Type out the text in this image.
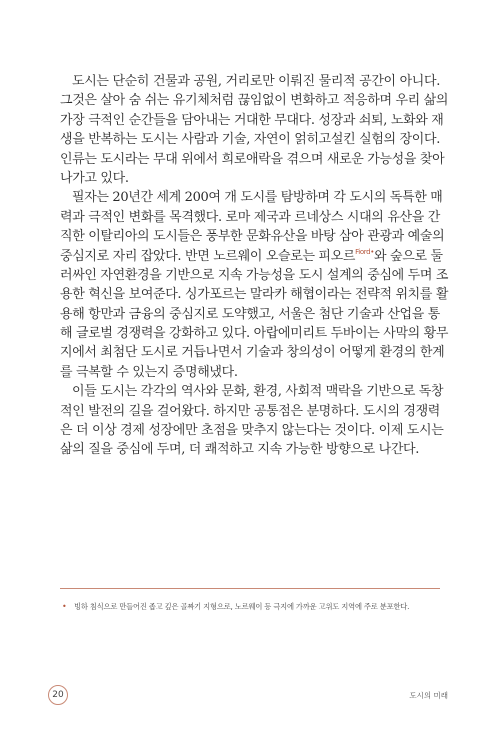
도시는 단순히 건물과 공원, 거리로만 이뤄진 물리적 공간이 아니다.
그것은 살아 숨 쉬는 유기체처럼 끊임없이 변화하고 적응하며 우리 삶의
가장 극적인 순간들을 담아내는 거대한 무대다. 성장과 쇠퇴, 노화와 재
생을 반복하는 도시는 사람과 기술, 자연이 얽히고설킨 실험의 장이다.
인류는 도시라는 무대 위에서 희로애락을 겪으며 새로운 가능성을 찾아
나가고 있다.
필자는 20년간 세계 200여 개 도시를 탐방하며 각 도시의 독특한 매
력과 극적인 변화를 목격했다. 로마 제국과 르네상스 시대의 유산을 간
직한 이탈리아의 도시들은 풍부한 문화유산을 바탕 삼아 관광과 예술의
중심지로 자리 잡았다. 반면 노르웨이 오슬로는 피오르$^{Fiord•}$와 숲으로 둘
러싸인 자연환경을 기반으로 지속 가능성을 도시 설계의 중심에 두며 조
용한 혁신을 보여준다. 싱가포르는 말라카 해협이라는 전략적 위치를 활
용해 항만과 금융의 중심지로 도약했고, 서울은 첨단 기술과 산업을 통
해 글로벌 경쟁력을 강화하고 있다. 아랍에미리트 두바이는 사막의 황무
지에서 최첨단 도시로 거듭나면서 기술과 창의성이 어떻게 환경의 한계
를 극복할 수 있는지 증명해냈다.
이들 도시는 각각의 역사와 문화, 환경, 사회적 맥락을 기반으로 독창
적인 발전의 길을 걸어왔다. 하지만 공통점은 분명하다. 도시의 경쟁력
은 더 이상 경제 성장에만 초점을 맞추지 않는다는 것이다. 이제 도시는
삶의 질을 중심에 두며, 더 쾌적하고 지속 가능한 방향으로 나간다.
• 빙하 침식으로 만들어진 좁고 깊은 골짜기 지형으로, 노르웨이 등 극지에 가까운 고위도 지역에 주로 분포한다.
20	도시의 미래
